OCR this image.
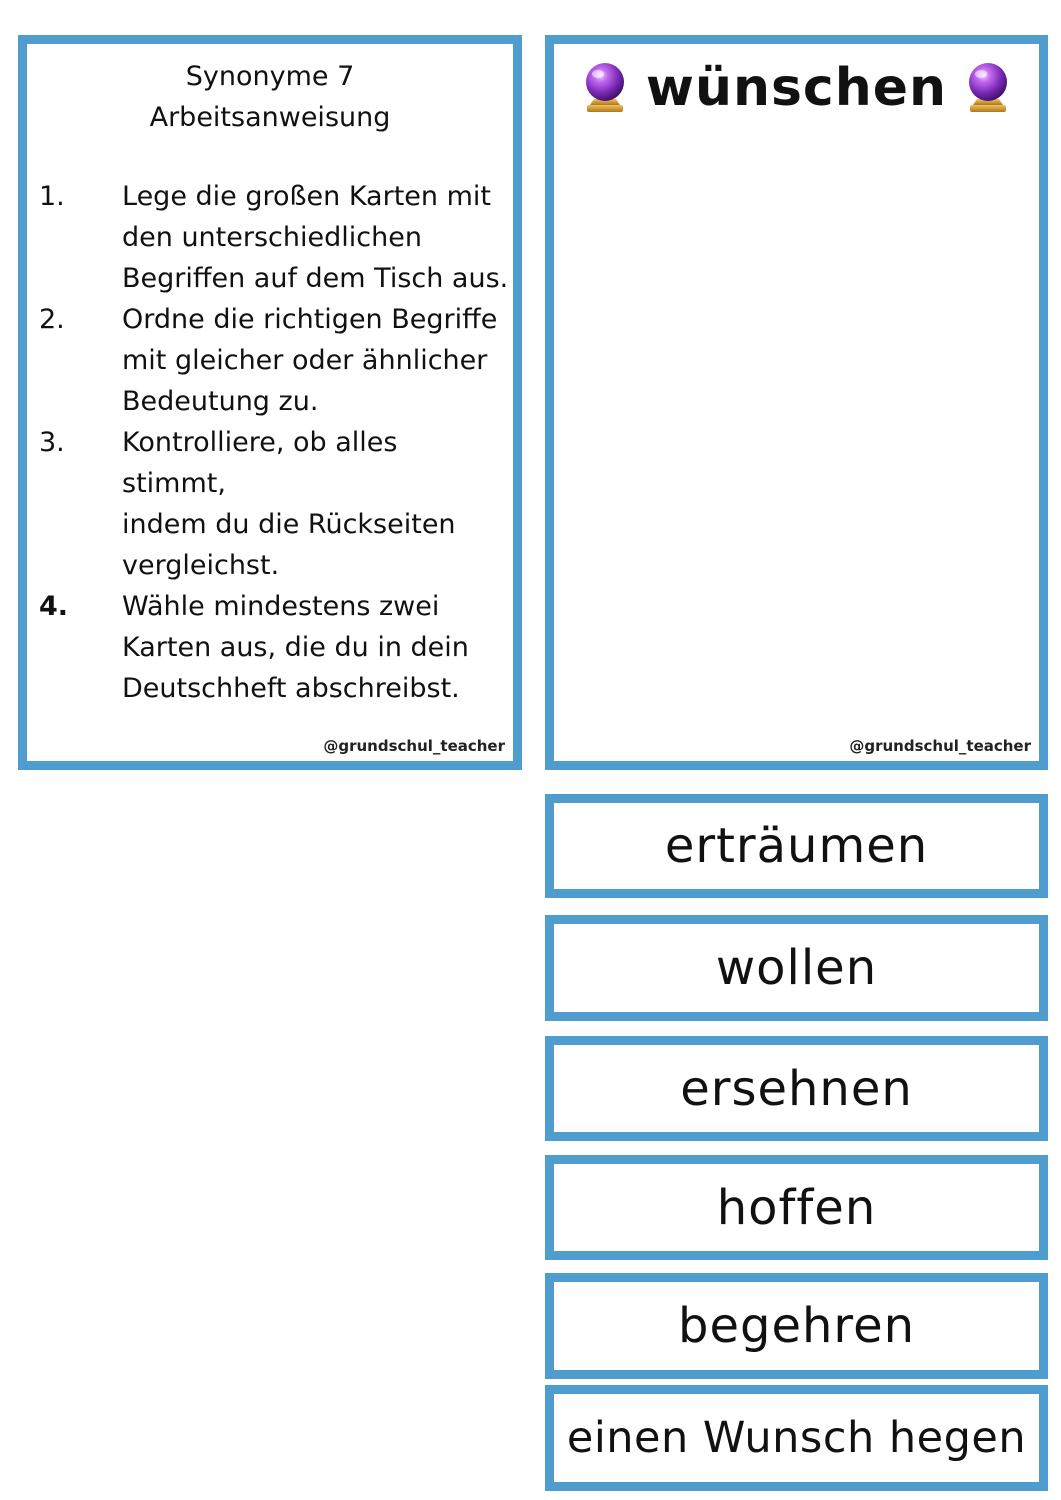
Synonyme 7
Arbeitsanweisung
1.	Lege die großen Karten mit
den unterschiedlichen
Begriffen auf dem Tisch aus.
2.	Ordne die richtigen Begriffe
mit gleicher oder ähnlicher
Bedeutung zu.
3.	Kontrolliere, ob alles stimmt,
indem du die Rückseiten
vergleichst.
4.	Wähle mindestens zwei
Karten aus, die du in dein
Deutschheft abschreibst.
@grundschul_teacher
wünschen
@grundschul_teacher
erträumen
wollen
ersehnen
hoffen
begehren
einen Wunsch hegen
